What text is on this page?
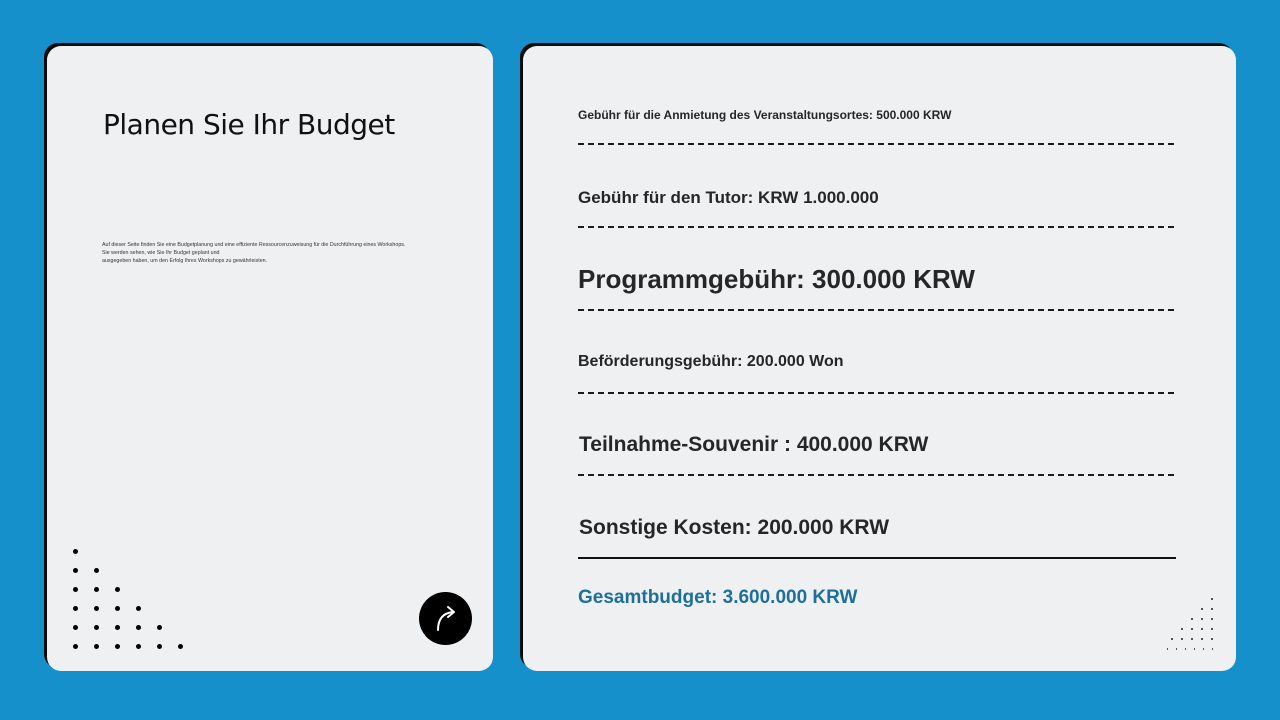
Planen Sie Ihr Budget

Auf dieser Seite finden Sie eine Budgetplanung und eine effiziente Ressourcenzuweisung für die Durchführung eines Workshops.
Sie werden sehen, wie Sie Ihr Budget geplant und
ausgegeben haben, um den Erfolg Ihres Workshops zu gewährleisten.

Gebühr für die Anmietung des Veranstaltungsortes: 500.000 KRW
Gebühr für den Tutor: KRW 1.000.000
Programmgebühr: 300.000 KRW
Beförderungsgebühr: 200.000 Won
Teilnahme-Souvenir : 400.000 KRW
Sonstige Kosten: 200.000 KRW
Gesamtbudget: 3.600.000 KRW
